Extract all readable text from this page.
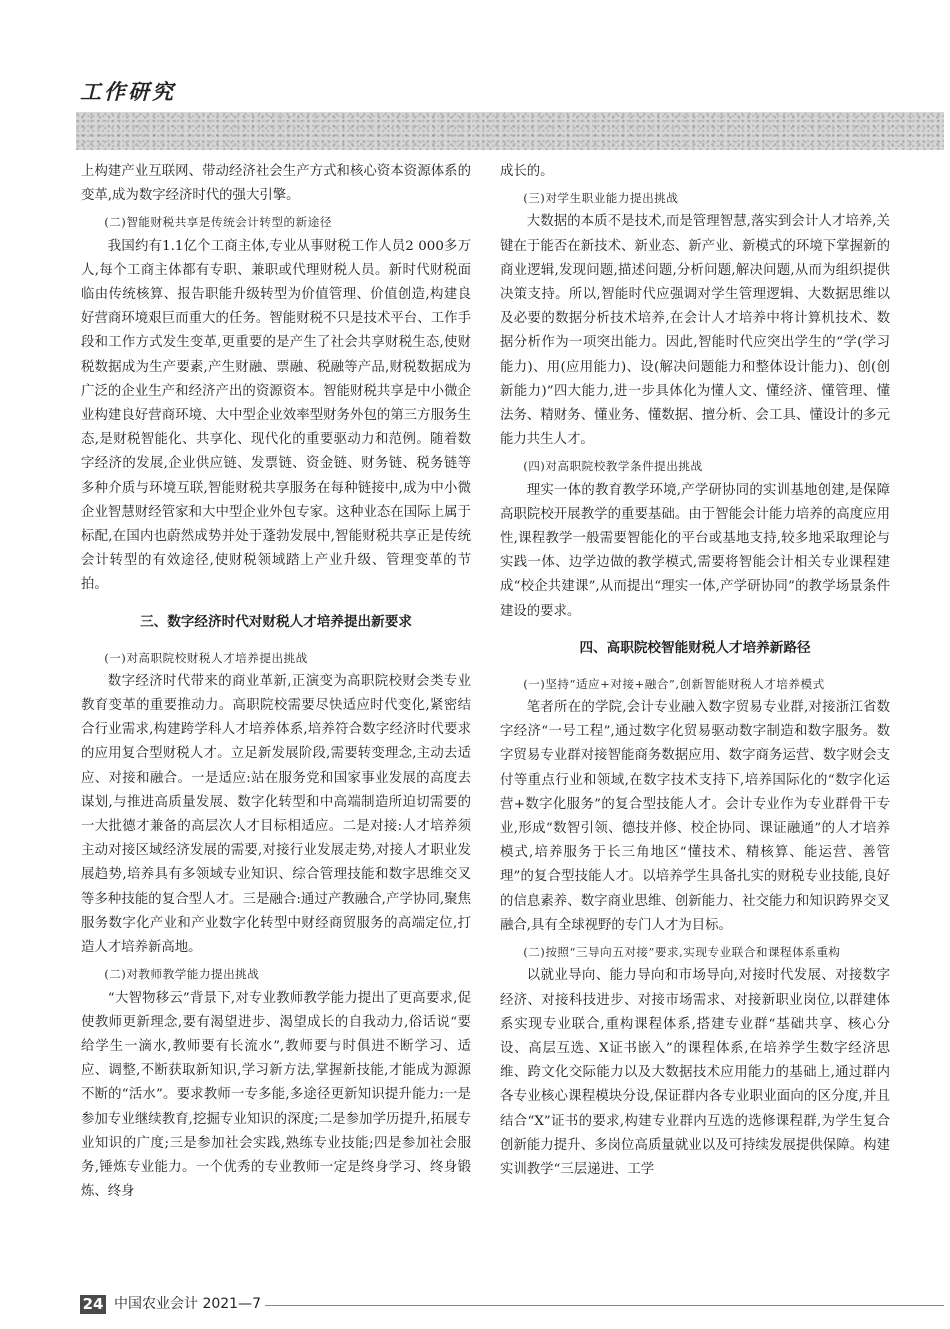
工作研究

上构建产业互联网、带动经济社会生产方式和核心资本资源体系的变革,成为数字经济时代的强大引擎。

(二)智能财税共享是传统会计转型的新途径

我国约有1.1亿个工商主体,专业从事财税工作人员2 000多万人,每个工商主体都有专职、兼职或代理财税人员。新时代财税面临由传统核算、报告职能升级转型为价值管理、价值创造,构建良好营商环境艰巨而重大的任务。智能财税不只是技术平台、工作手段和工作方式发生变革,更重要的是产生了社会共享财税生态,使财税数据成为生产要素,产生财融、票融、税融等产品,财税数据成为广泛的企业生产和经济产出的资源资本。智能财税共享是中小微企业构建良好营商环境、大中型企业效率型财务外包的第三方服务生态,是财税智能化、共享化、现代化的重要驱动力和范例。随着数字经济的发展,企业供应链、发票链、资金链、财务链、税务链等多种介质与环境互联,智能财税共享服务在每种链接中,成为中小微企业智慧财经管家和大中型企业外包专家。这种业态在国际上属于标配,在国内也蔚然成势并处于蓬勃发展中,智能财税共享正是传统会计转型的有效途径,使财税领域踏上产业升级、管理变革的节拍。

三、数字经济时代对财税人才培养提出新要求

(一)对高职院校财税人才培养提出挑战

数字经济时代带来的商业革新,正演变为高职院校财会类专业教育变革的重要推动力。高职院校需要尽快适应时代变化,紧密结合行业需求,构建跨学科人才培养体系,培养符合数字经济时代要求的应用复合型财税人才。立足新发展阶段,需要转变理念,主动去适应、对接和融合。一是适应:站在服务党和国家事业发展的高度去谋划,与推进高质量发展、数字化转型和中高端制造所迫切需要的一大批德才兼备的高层次人才目标相适应。二是对接:人才培养须主动对接区域经济发展的需要,对接行业发展走势,对接人才职业发展趋势,培养具有多领域专业知识、综合管理技能和数字思维交叉等多种技能的复合型人才。三是融合:通过产教融合,产学协同,聚焦服务数字化产业和产业数字化转型中财经商贸服务的高端定位,打造人才培养新高地。

(二)对教师教学能力提出挑战

“大智物移云”背景下,对专业教师教学能力提出了更高要求,促使教师更新理念,要有渴望进步、渴望成长的自我动力,俗话说“要给学生一滴水,教师要有长流水”,教师要与时俱进不断学习、适应、调整,不断获取新知识,学习新方法,掌握新技能,才能成为源源不断的“活水”。要求教师一专多能,多途径更新知识提升能力:一是参加专业继续教育,挖掘专业知识的深度;二是参加学历提升,拓展专业知识的广度;三是参加社会实践,熟练专业技能;四是参加社会服务,锤炼专业能力。一个优秀的专业教师一定是终身学习、终身锻炼、终身

成长的。

(三)对学生职业能力提出挑战

大数据的本质不是技术,而是管理智慧,落实到会计人才培养,关键在于能否在新技术、新业态、新产业、新模式的环境下掌握新的商业逻辑,发现问题,描述问题,分析问题,解决问题,从而为组织提供决策支持。所以,智能时代应强调对学生管理逻辑、大数据思维以及必要的数据分析技术培养,在会计人才培养中将计算机技术、数据分析作为一项突出能力。因此,智能时代应突出学生的“学(学习能力)、用(应用能力)、设(解决问题能力和整体设计能力)、创(创新能力)”四大能力,进一步具体化为懂人文、懂经济、懂管理、懂法务、精财务、懂业务、懂数据、擅分析、会工具、懂设计的多元能力共生人才。

(四)对高职院校教学条件提出挑战

理实一体的教育教学环境,产学研协同的实训基地创建,是保障高职院校开展教学的重要基础。由于智能会计能力培养的高度应用性,课程教学一般需要智能化的平台或基地支持,较多地采取理论与实践一体、边学边做的教学模式,需要将智能会计相关专业课程建成“校企共建课”,从而提出“理实一体,产学研协同”的教学场景条件建设的要求。

四、高职院校智能财税人才培养新路径

(一)坚持“适应+对接+融合”,创新智能财税人才培养模式

笔者所在的学院,会计专业融入数字贸易专业群,对接浙江省数字经济“一号工程”,通过数字化贸易驱动数字制造和数字服务。数字贸易专业群对接智能商务数据应用、数字商务运营、数字财会支付等重点行业和领域,在数字技术支持下,培养国际化的“数字化运营+数字化服务”的复合型技能人才。会计专业作为专业群骨干专业,形成“数智引领、德技并修、校企协同、课证融通”的人才培养模式,培养服务于长三角地区“懂技术、精核算、能运营、善管理”的复合型技能人才。以培养学生具备扎实的财税专业技能,良好的信息素养、数字商业思维、创新能力、社交能力和知识跨界交叉融合,具有全球视野的专门人才为目标。

(二)按照“三导向五对接”要求,实现专业联合和课程体系重构

以就业导向、能力导向和市场导向,对接时代发展、对接数字经济、对接科技进步、对接市场需求、对接新职业岗位,以群建体系实现专业联合,重构课程体系,搭建专业群“基础共享、核心分设、高层互选、X证书嵌入”的课程体系,在培养学生数字经济思维、跨文化交际能力以及大数据技术应用能力的基础上,通过群内各专业核心课程模块分设,保证群内各专业职业面向的区分度,并且结合“X”证书的要求,构建专业群内互选的选修课程群,为学生复合创新能力提升、多岗位高质量就业以及可持续发展提供保障。构建实训教学“三层递进、工学

24 中国农业会计 2021—7
